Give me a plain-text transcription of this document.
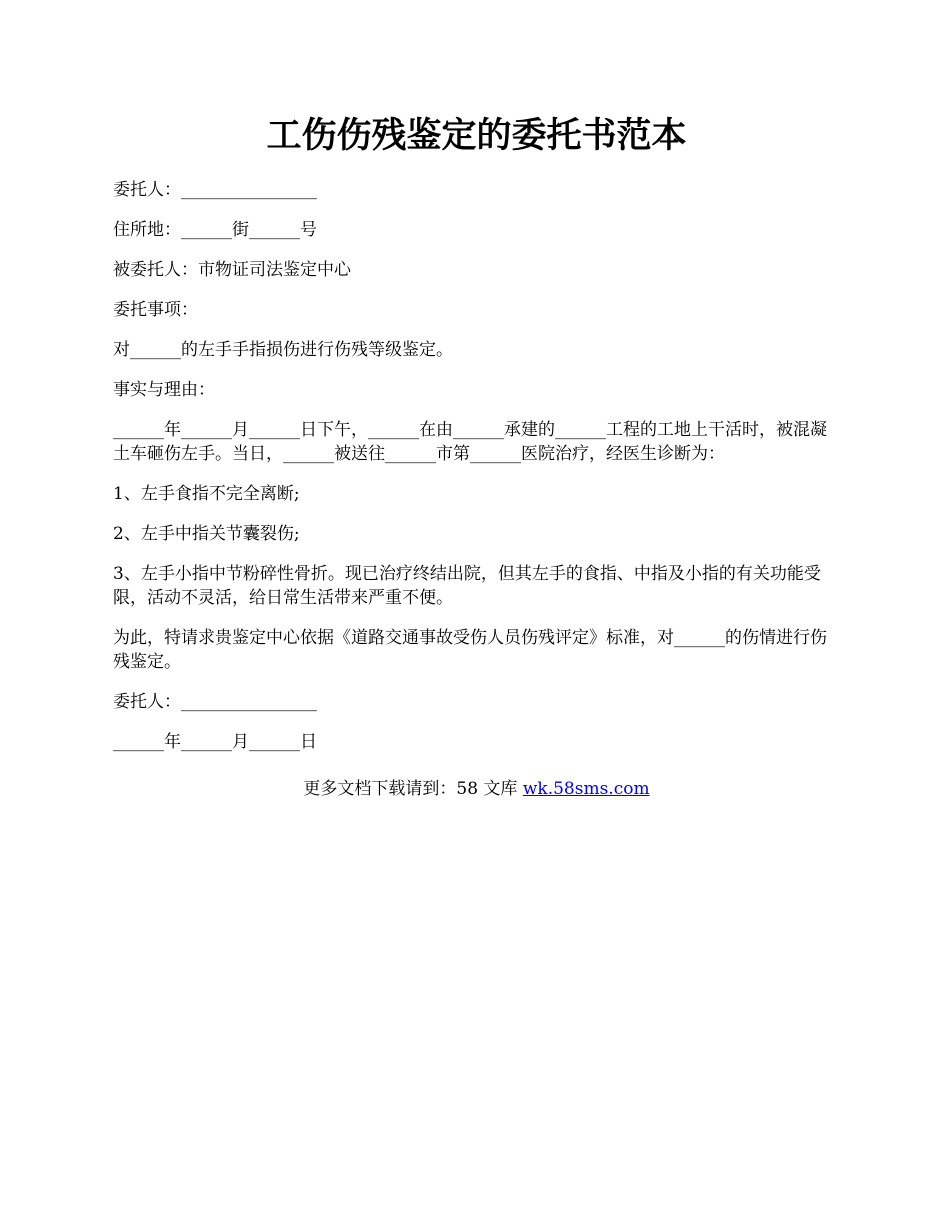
工伤伤残鉴定的委托书范本

委托人：________________

住所地：______街______号

被委托人：市物证司法鉴定中心

委托事项：

对______的左手手指损伤进行伤残等级鉴定。

事实与理由：

______年______月______日下午，______在由______承建的______工程的工地上干活时，被混凝土车砸伤左手。当日，______被送往______市第______医院治疗，经医生诊断为：

1、左手食指不完全离断;

2、左手中指关节囊裂伤;

3、左手小指中节粉碎性骨折。现已治疗终结出院，但其左手的食指、中指及小指的有关功能受限，活动不灵活，给日常生活带来严重不便。

为此，特请求贵鉴定中心依据《道路交通事故受伤人员伤残评定》标准，对______的伤情进行伤残鉴定。

委托人：________________

______年______月______日

更多文档下载请到：58 文库 wk.58sms.com
